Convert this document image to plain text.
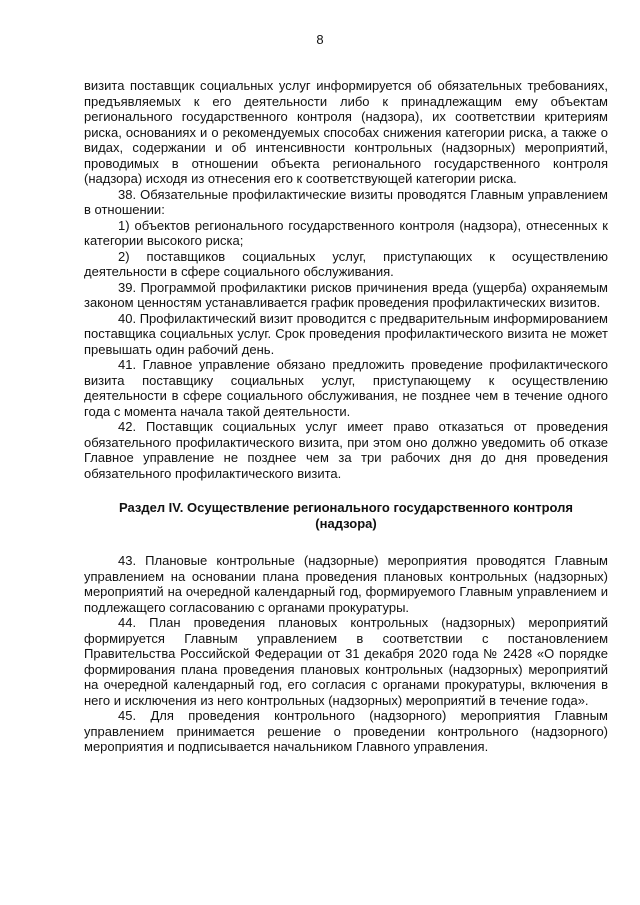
8

визита поставщик социальных услуг информируется об обязательных требованиях, предъявляемых к его деятельности либо к принадлежащим ему объектам регионального государственного контроля (надзора), их соответствии критериям риска, основаниях и о рекомендуемых способах снижения категории риска, а также о видах, содержании и об интенсивности контрольных (надзорных) мероприятий, проводимых в отношении объекта регионального государственного контроля (надзора) исходя из отнесения его к соответствующей категории риска.

38. Обязательные профилактические визиты проводятся Главным управлением в отношении:

1) объектов регионального государственного контроля (надзора), отнесенных к категории высокого риска;

2) поставщиков социальных услуг, приступающих к осуществлению деятельности в сфере социального обслуживания.

39. Программой профилактики рисков причинения вреда (ущерба) охраняемым законом ценностям устанавливается график проведения профилактических визитов.

40. Профилактический визит проводится с предварительным информированием поставщика социальных услуг. Срок проведения профилактического визита не может превышать один рабочий день.

41. Главное управление обязано предложить проведение профилактического визита поставщику социальных услуг, приступающему к осуществлению деятельности в сфере социального обслуживания, не позднее чем в течение одного года с момента начала такой деятельности.

42. Поставщик социальных услуг имеет право отказаться от проведения обязательного профилактического визита, при этом оно должно уведомить об отказе Главное управление не позднее чем за три рабочих дня до дня проведения обязательного профилактического визита.

Раздел IV. Осуществление регионального государственного контроля (надзора)

43. Плановые контрольные (надзорные) мероприятия проводятся Главным управлением на основании плана проведения плановых контрольных (надзорных) мероприятий на очередной календарный год, формируемого Главным управлением и подлежащего согласованию с органами прокуратуры.

44. План проведения плановых контрольных (надзорных) мероприятий формируется Главным управлением в соответствии с постановлением Правительства Российской Федерации от 31 декабря 2020 года № 2428 «О порядке формирования плана проведения плановых контрольных (надзорных) мероприятий на очередной календарный год, его согласия с органами прокуратуры, включения в него и исключения из него контрольных (надзорных) мероприятий в течение года».

45. Для проведения контрольного (надзорного) мероприятия Главным управлением принимается решение о проведении контрольного (надзорного) мероприятия и подписывается начальником Главного управления.
